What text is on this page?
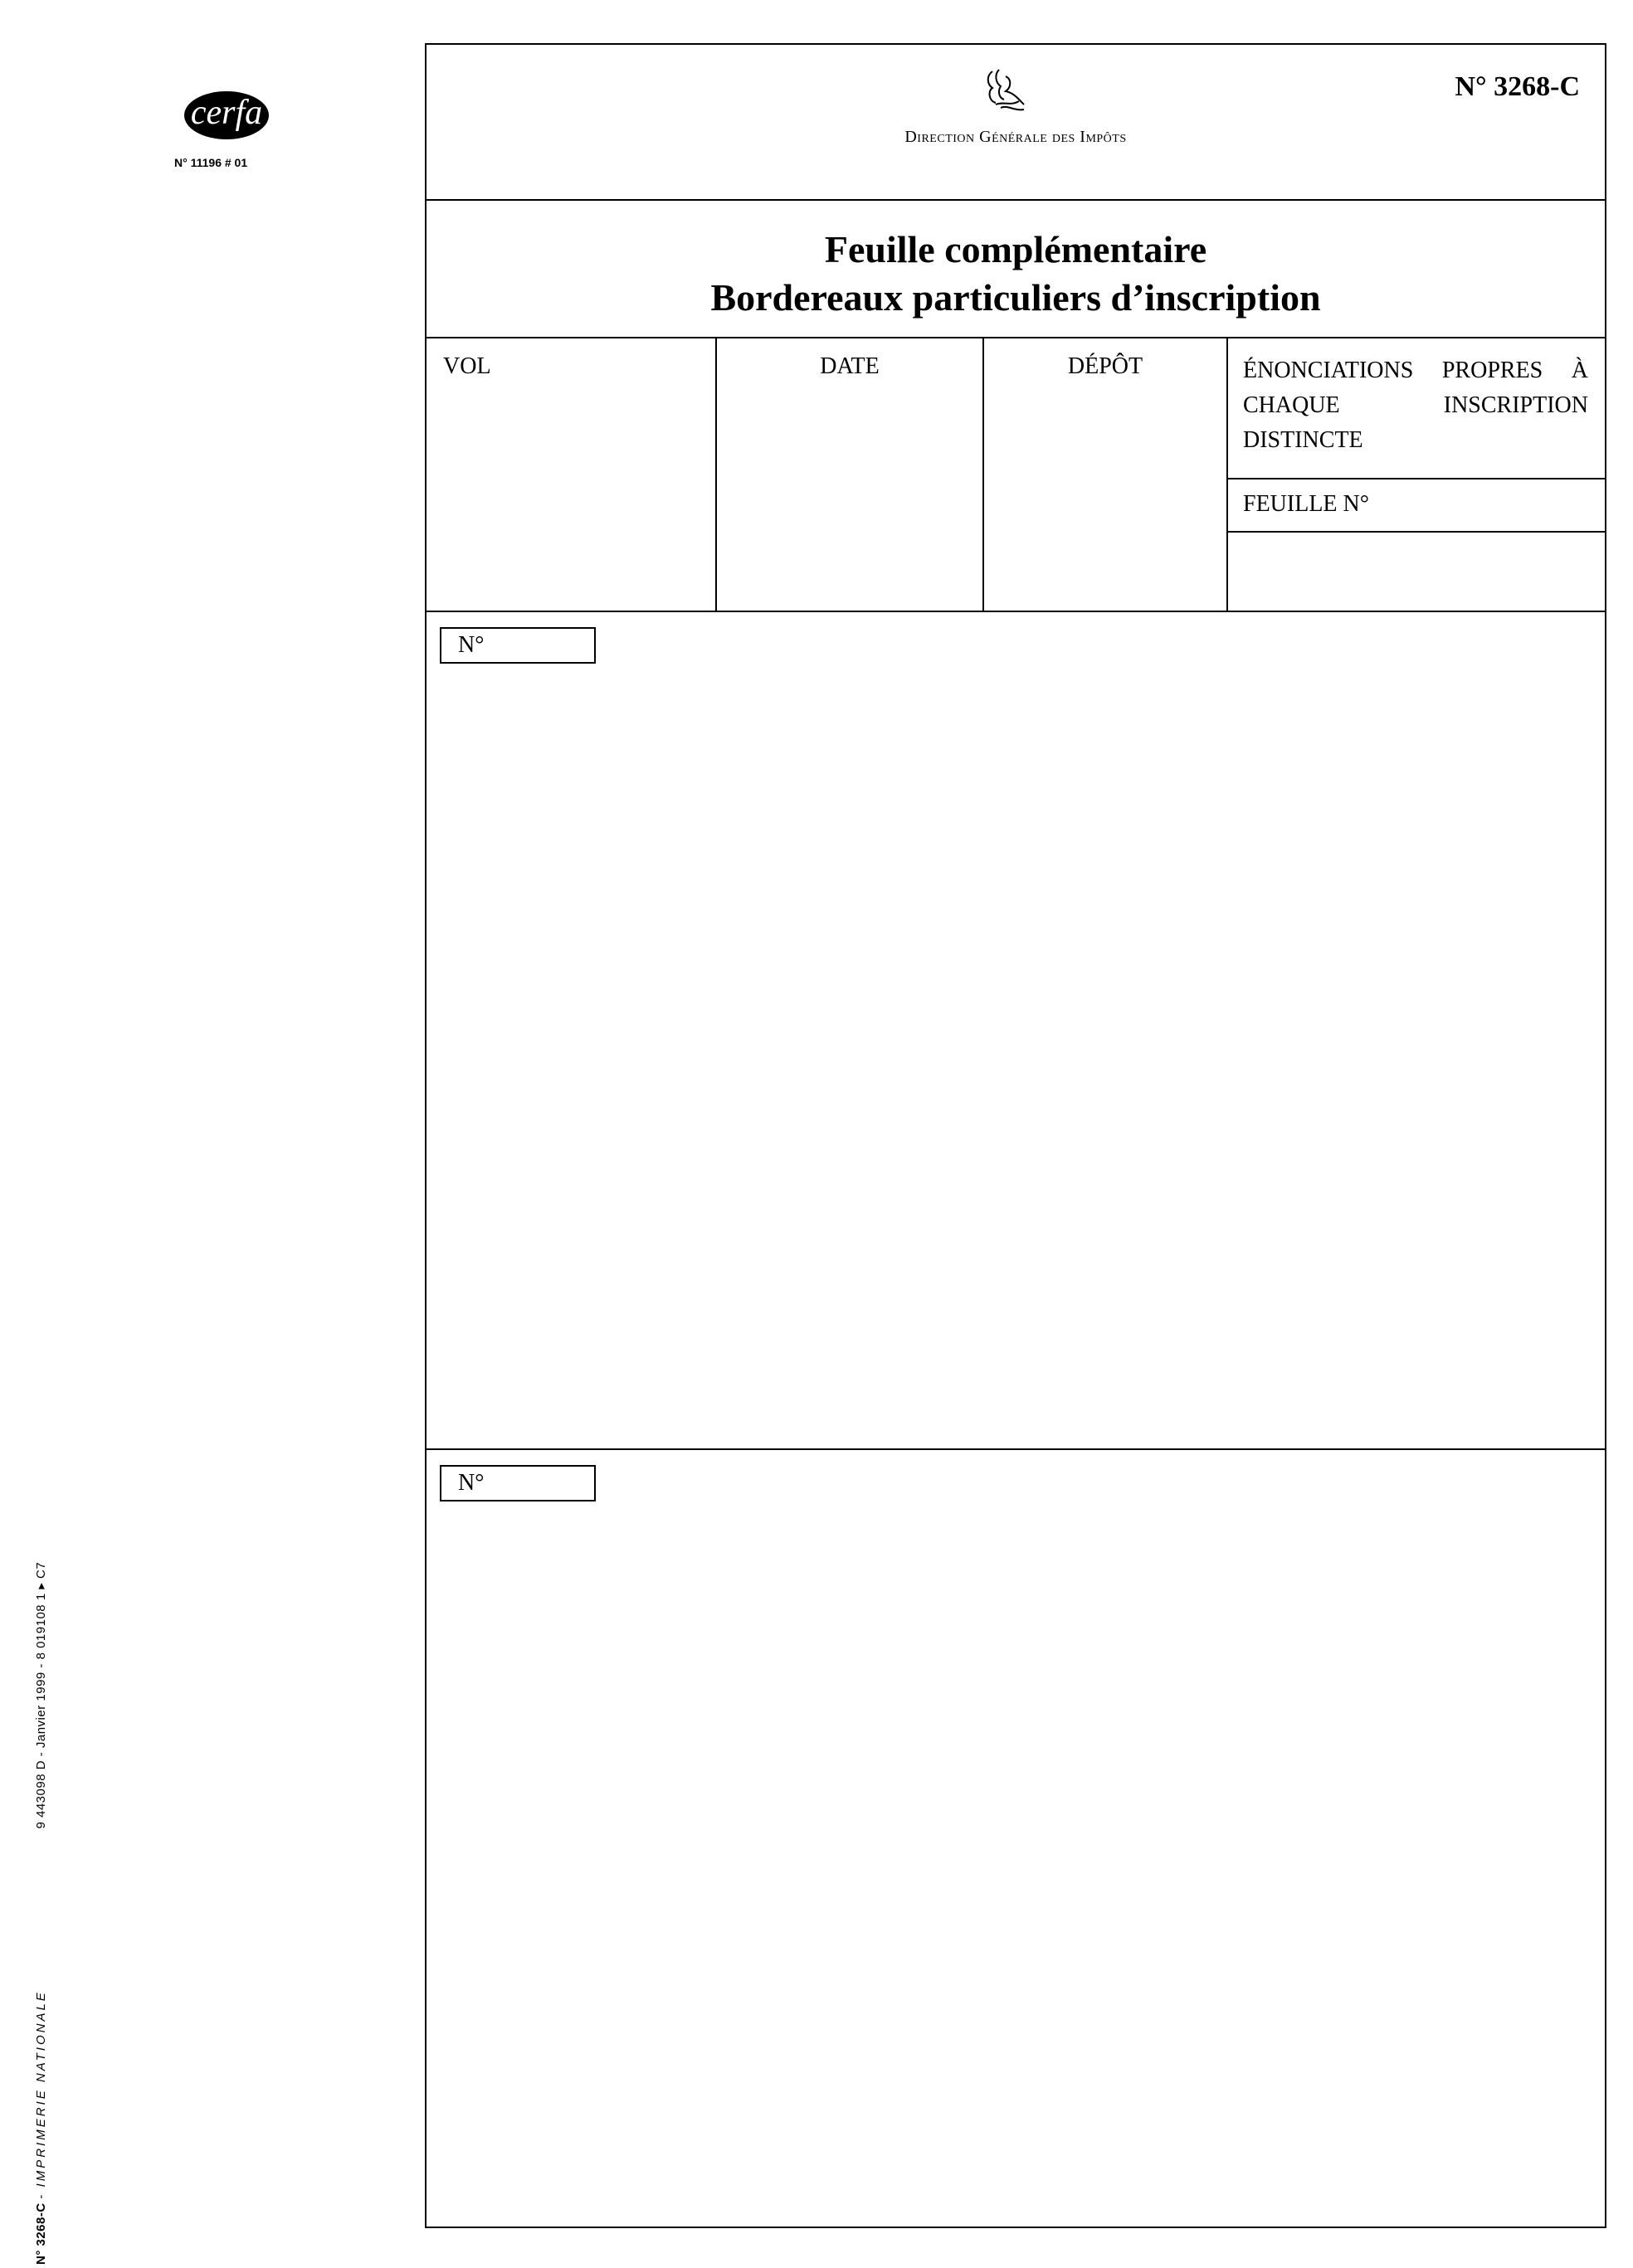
cerfa
N° 11196 # 01
N° 3268-C - IMPRIMERIE NATIONALE 9 443098 D - Janvier 1999 - 8 019108 1 ▸ C7
Direction Générale des Impôts
N° 3268-C
Feuille complémentaire
Bordereaux particuliers d’inscription
VOL	DATE	DÉPÔT	ÉNONCIATIONS PROPRES À CHAQUE INSCRIPTION DISTINCTE
FEUILLE N°
N°
N°
